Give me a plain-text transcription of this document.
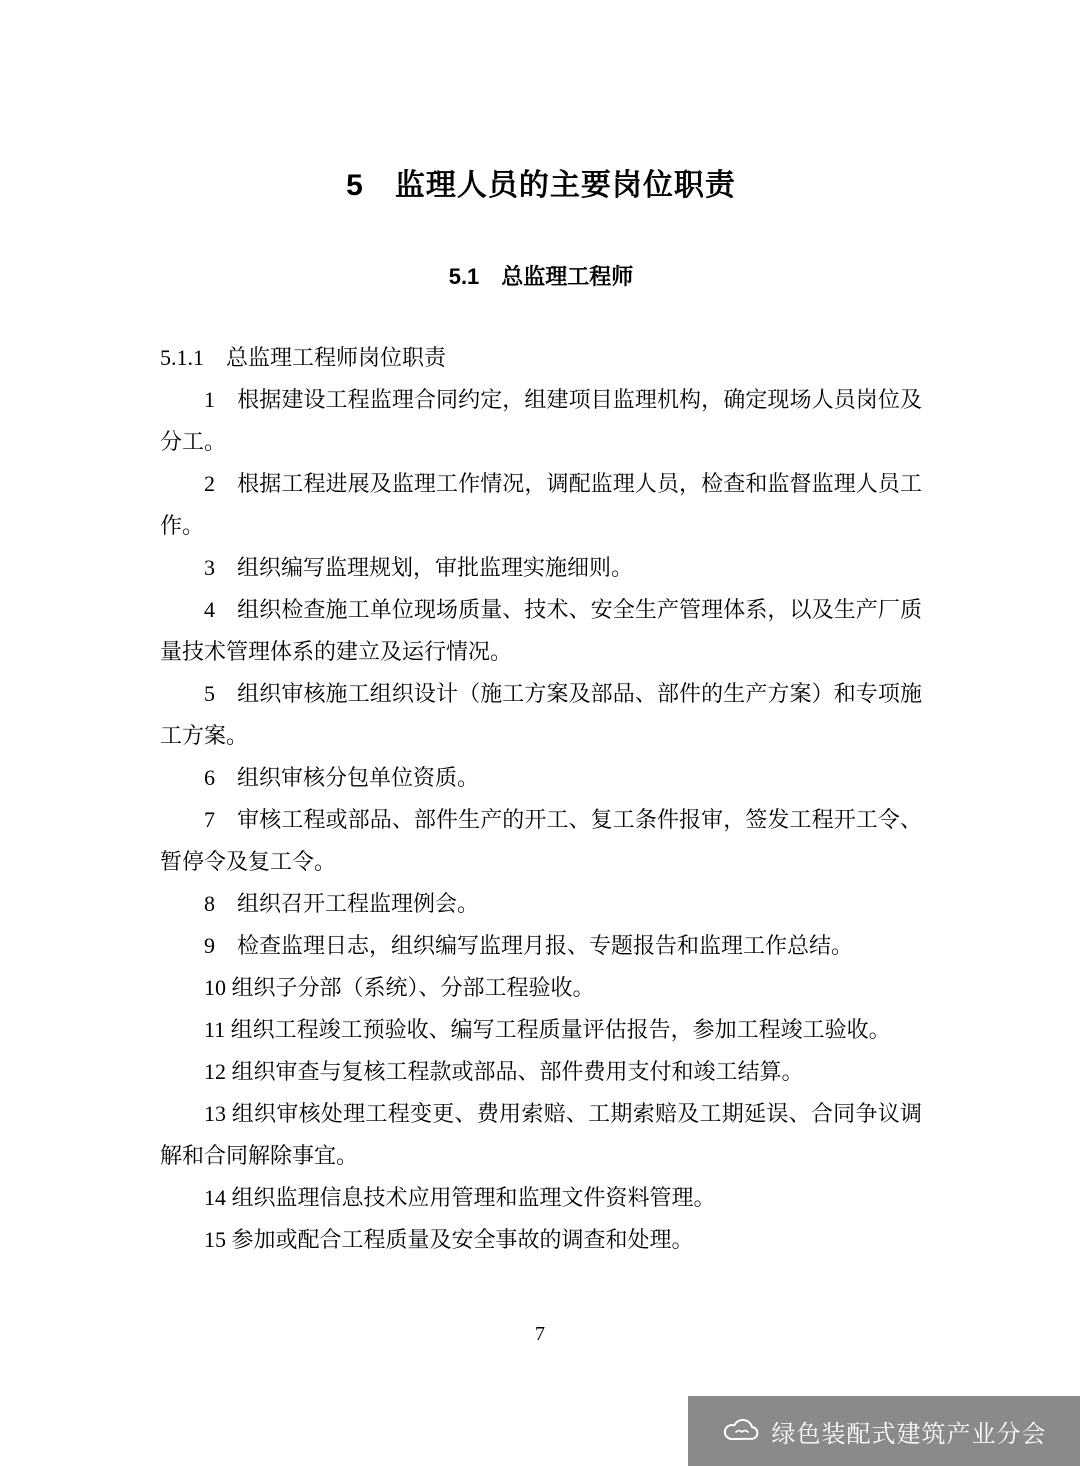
5　监理人员的主要岗位职责
5.1　总监理工程师

5.1.1　总监理工程师岗位职责

1　根据建设工程监理合同约定，组建项目监理机构，确定现场人员岗位及分工。

2　根据工程进展及监理工作情况，调配监理人员，检查和监督监理人员工作。

3　组织编写监理规划，审批监理实施细则。

4　组织检查施工单位现场质量、技术、安全生产管理体系，以及生产厂质量技术管理体系的建立及运行情况。

5　组织审核施工组织设计（施工方案及部品、部件的生产方案）和专项施工方案。

6　组织审核分包单位资质。

7　审核工程或部品、部件生产的开工、复工条件报审，签发工程开工令、暂停令及复工令。

8　组织召开工程监理例会。

9　检查监理日志，组织编写监理月报、专题报告和监理工作总结。

10 组织子分部（系统）、分部工程验收。

11 组织工程竣工预验收、编写工程质量评估报告，参加工程竣工验收。

12 组织审查与复核工程款或部品、部件费用支付和竣工结算。

13 组织审核处理工程变更、费用索赔、工期索赔及工期延误、合同争议调解和合同解除事宜。

14 组织监理信息技术应用管理和监理文件资料管理。

15 参加或配合工程质量及安全事故的调查和处理。

7
绿色装配式建筑产业分会
